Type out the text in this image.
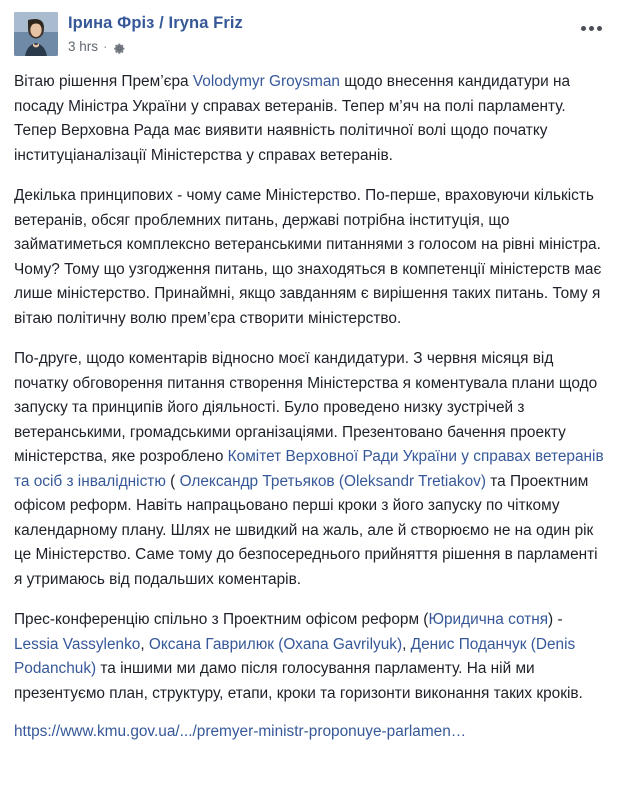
Ірина Фріз / Iryna Friz
3 hrs ·

Вітаю рішення Прем’єра Volodymyr Groysman щодо внесення кандидатури на посаду Міністра України у справах ветеранів. Тепер м’яч на полі парламенту. Тепер Верховна Рада має виявити наявність політичної волі щодо початку інституціаналізації Міністерства у справах ветеранів.

Декілька принципових - чому саме Міністерство. По-перше, враховуючи кількість ветеранів, обсяг проблемних питань, державі потрібна інституція, що займатиметься комплексно ветеранськими питаннями з голосом на рівні міністра. Чому? Тому що узгодження питань, що знаходяться в компетенції міністерств має лише міністерство. Принаймні, якщо завданням є вирішення таких питань. Тому я вітаю політичну волю прем’єра створити міністерство.

По-друге, щодо коментарів відносно моєї кандидатури. З червня місяця від початку обговорення питання створення Міністерства я коментувала плани щодо запуску та принципів його діяльності. Було проведено низку зустрічей з ветеранськими, громадськими організаціями. Презентовано бачення проекту міністерства, яке розроблено Комітет Верховної Ради України у справах ветеранів та осіб з інвалідністю ( Олександр Третьяков (Oleksandr Tretiakov) та Проектним офісом реформ. Навіть напрацьовано перші кроки з його запуску по чіткому календарному плану. Шлях не швидкий на жаль, але й створюємо не на один рік це Міністерство. Саме тому до безпосереднього прийняття рішення в парламенті я утримаюсь від подальших коментарів.

Прес-конференцію спільно з Проектним офісом реформ (Юридична сотня) - Lessia Vassylenko, Оксана Гаврилюк (Охana Gavrilyuk), Денис Поданчук (Denis Podanchuk) та іншими ми дамо після голосування парламенту. На ній ми презентуємо план, структуру, етапи, кроки та горизонти виконання таких кроків.

https://www.kmu.gov.ua/.../premyer-ministr-proponuye-parlamen…
